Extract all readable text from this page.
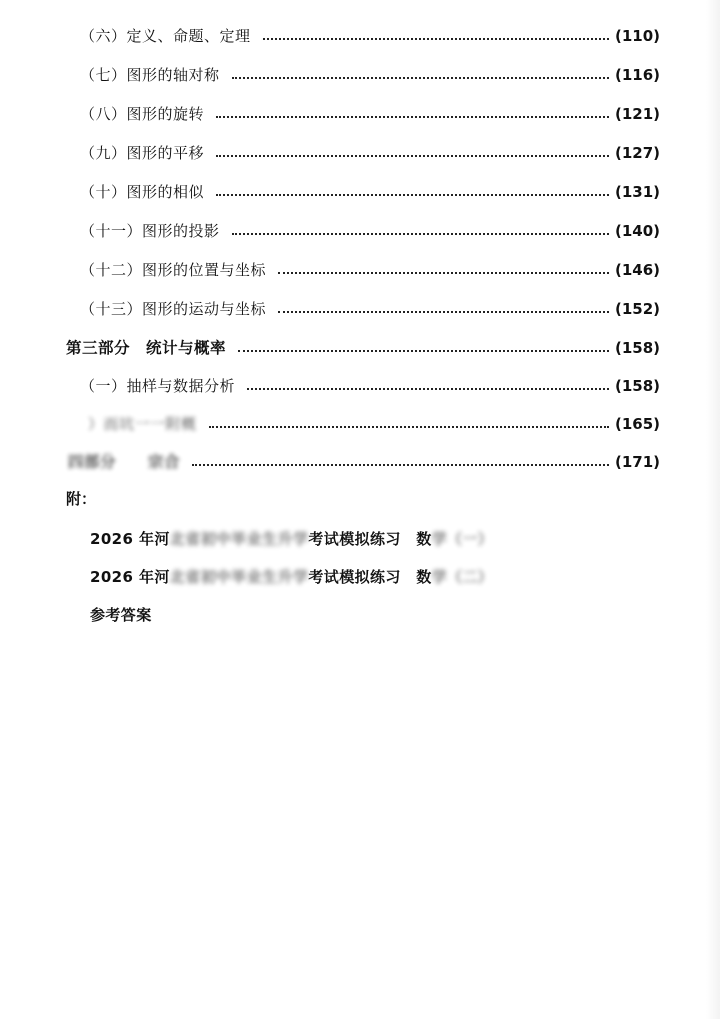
（六）定义、命题、定理	(110)
（七）图形的轴对称	(116)
（八）图形的旋转	(121)
（九）图形的平移	(127)
（十）图形的相似	(131)
（十一）图形的投影	(140)
（十二）图形的位置与坐标	(146)
（十三）图形的运动与坐标	(152)
第三部分　统计与概率	(158)
（一）抽样与数据分析	(158)
）而坑一一附概	(165)
四部分　　宗合	(171)
附：
2026 年河北省初中毕业生升学考试模拟练习　数学（一）
2026 年河北省初中毕业生升学考试模拟练习　数学（二）
参考答案
